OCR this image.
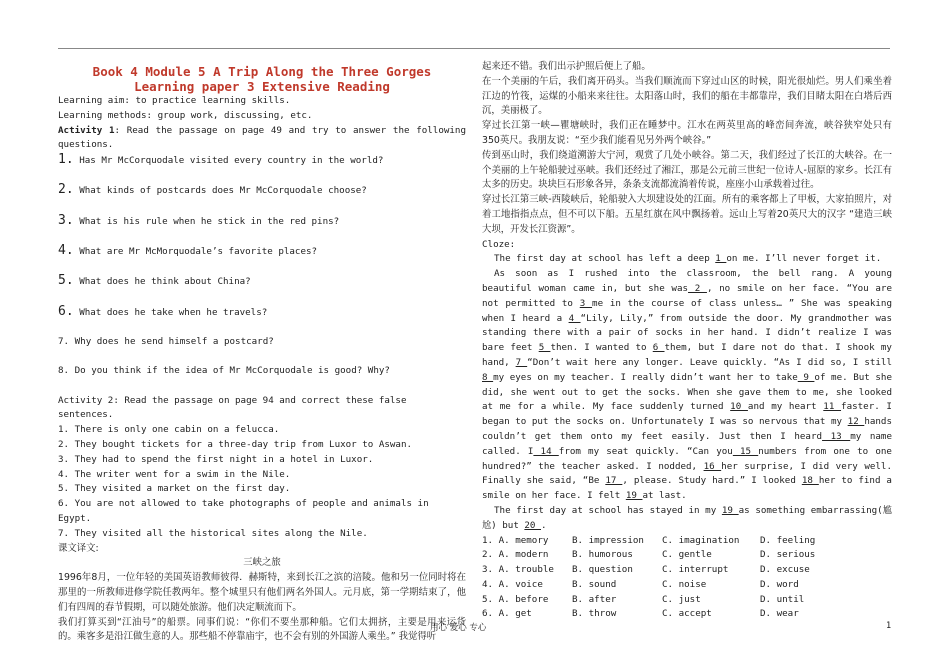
Book 4 Module 5 A Trip Along the Three Gorges
Learning paper 3 Extensive Reading
Learning aim: to practice learning skills.
Learning methods: group work, discussing, etc.
Activity 1: Read the passage on page 49 and try to answer the following questions.
1. Has Mr McCorquodale visited every country in the world?
2. What kinds of postcards does Mr McCorquodale choose?
3. What is his rule when he stick in the red pins?
4. What are Mr McMorquodale’s favorite places?
5. What does he think about China?
6. What does he take when he travels?
7. Why does he send himself a postcard?
8. Do you think if the idea of Mr McCorquodale is good? Why?
Activity 2: Read the passage on page 94 and correct these false sentences.
1. There is only one cabin on a felucca.
2. They bought tickets for a three-day trip from Luxor to Aswan.
3. They had to spend the first night in a hotel in Luxor.
4. The writer went for a swim in the Nile.
5. They visited a market on the first day.
6. You are not allowed to take photographs of people and animals in Egypt.
7. They visited all the historical sites along the Nile.
课文译文:
三峡之旅
1996年8月，一位年轻的美国英语教师彼得．赫斯特，来到长江之滨的涪陵。他和另一位同时将在那里的一所教师进修学院任教两年。整个城里只有他们两名外国人。元月底，第一学期结束了，他们有四周的春节假期，可以随处旅游。他们决定顺流而下。
我们打算买到“江油号”的船票。同事们说：“你们不要坐那种船。它们太拥挤，主要是用来运货的。乘客多是沿江做生意的人。那些船不停靠庙宇，也不会有别的外国游人乘坐。” 我觉得听
起来还不错。我们出示护照后便上了船。
在一个美丽的午后，我们离开码头。当我们顺流而下穿过山区的时候，阳光很灿烂。男人们乘坐着江边的竹筏，运煤的小船来来往往。太阳落山时，我们的船在丰都靠岸，我们目睹太阳在白塔后西沉，美丽极了。
穿过长江第一峡—瞿塘峡时，我们正在睡梦中。江水在两英里高的峰峦间奔流，峡谷狭窄处只有350英尺。我朋友说：“至少我们能看见另外两个峡谷。”
传到巫山时，我们绕道溯游大宁河，观赏了几处小峡谷。第二天，我们经过了长江的大峡谷。在一个美丽的上午轮船驶过巫峡。我们还经过了湘江，那是公元前三世纪一位诗人-屈原的家乡。长江有太多的历史。块块巨石形象各异，条条支流都流淌着传说，座座小山承载着过往。
穿过长江第三峡-西陵峡后，轮船驶入大坝建设处的江面。所有的乘客都上了甲板，大家拍照片，对着工地指指点点，但不可以下船。五星红旗在风中飘扬着。远山上写着20英尺大的汉字 “建造三峡大坝，开发长江资源”。
Cloze:
The first day at school has left a deep 1 on me. I’ll never forget it.
As soon as I rushed into the classroom, the bell rang. A young beautiful woman came in, but she was 2 , no smile on her face. “You are not permitted to 3 me in the course of class unless… ” She was speaking when I heard a 4 “Lily, Lily,” from outside the door. My grandmother was standing there with a pair of socks in her hand. I didn’t realize I was bare feet 5 then. I wanted to 6 them, but I dare not do that. I shook my hand, 7 “Don’t wait here any longer. Leave quickly. “As I did so, I still 8 my eyes on my teacher. I really didn’t want her to take 9 of me. But she did, she went out to get the socks. When she gave them to me, she looked at me for a while. My face suddenly turned 10 and my heart 11 faster. I began to put the socks on. Unfortunately I was so nervous that my 12 hands couldn’t get them onto my feet easily. Just then I heard 13 my name called. I 14 from my seat quickly. “Can you 15 numbers from one to one hundred?” the teacher asked. I nodded, 16 her surprise, I did very well. Finally she said, “Be 17 , please. Study hard.” I looked 18 her to find a smile on her face. I felt 19 at last.
The first day at school has stayed in my 19 as something embarrassing(尴尬) but 20 .
1. A. memory	B. impression	C. imagination	D. feeling
2. A. modern	B. humorous	C. gentle	D. serious
3. A. trouble	B. question	C. interrupt	D. excuse
4. A. voice	B. sound	C. noise	D. word
5. A. before	B. after	C. just	D. until
6. A. get	B. throw	C. accept	D. wear
用心 爱心 专心	1
